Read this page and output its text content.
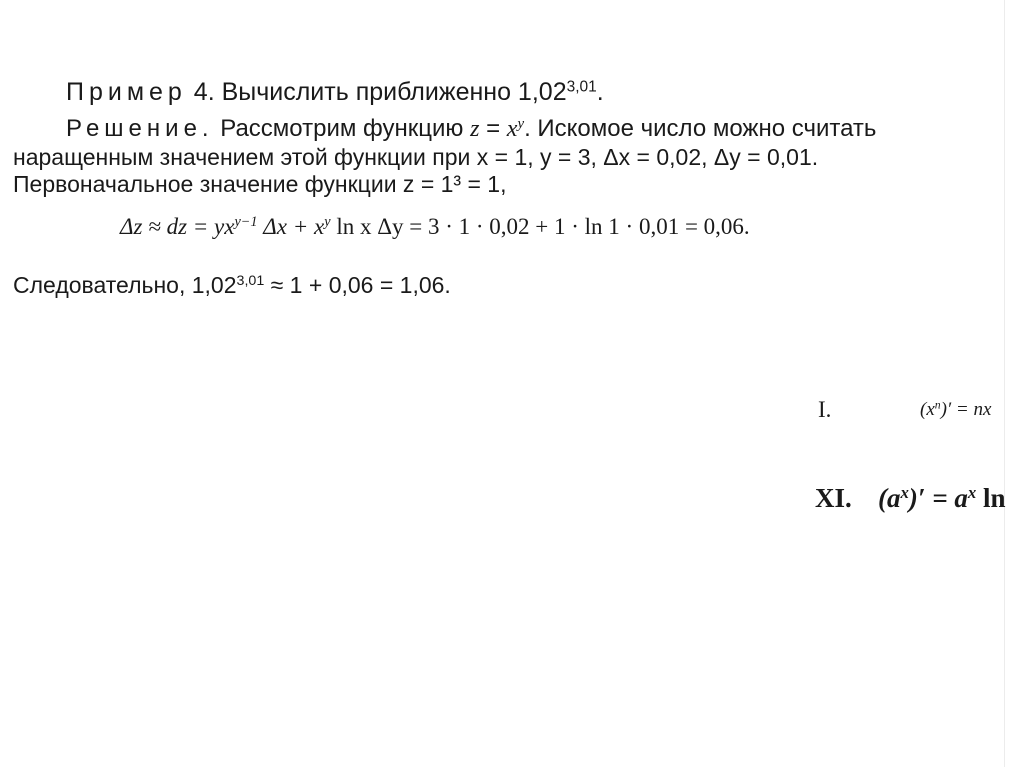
Пример 4. Вычислить приближенно 1,02$^{3,01}$.
Решение. Рассмотрим функцию $z = x^y$. Искомое число можно считать
наращенным значением этой функции при x = 1, y = 3, Δx = 0,02, Δy = 0,01.
Первоначальное значение функции z = 1³ = 1,
Δz ≈ dz = $yx^{y-1}$ $\Delta x + x^y$ ln x Δy = 3 · 1 · 0,02 + 1 · ln 1 · 0,01 = 0,06.
Следовательно, $1,02^{3,01} \approx 1 + 0,06 = 1,06$.
I.	$(x^n)'$ = nx
XI. $(a^x)' = a^x$ ln
